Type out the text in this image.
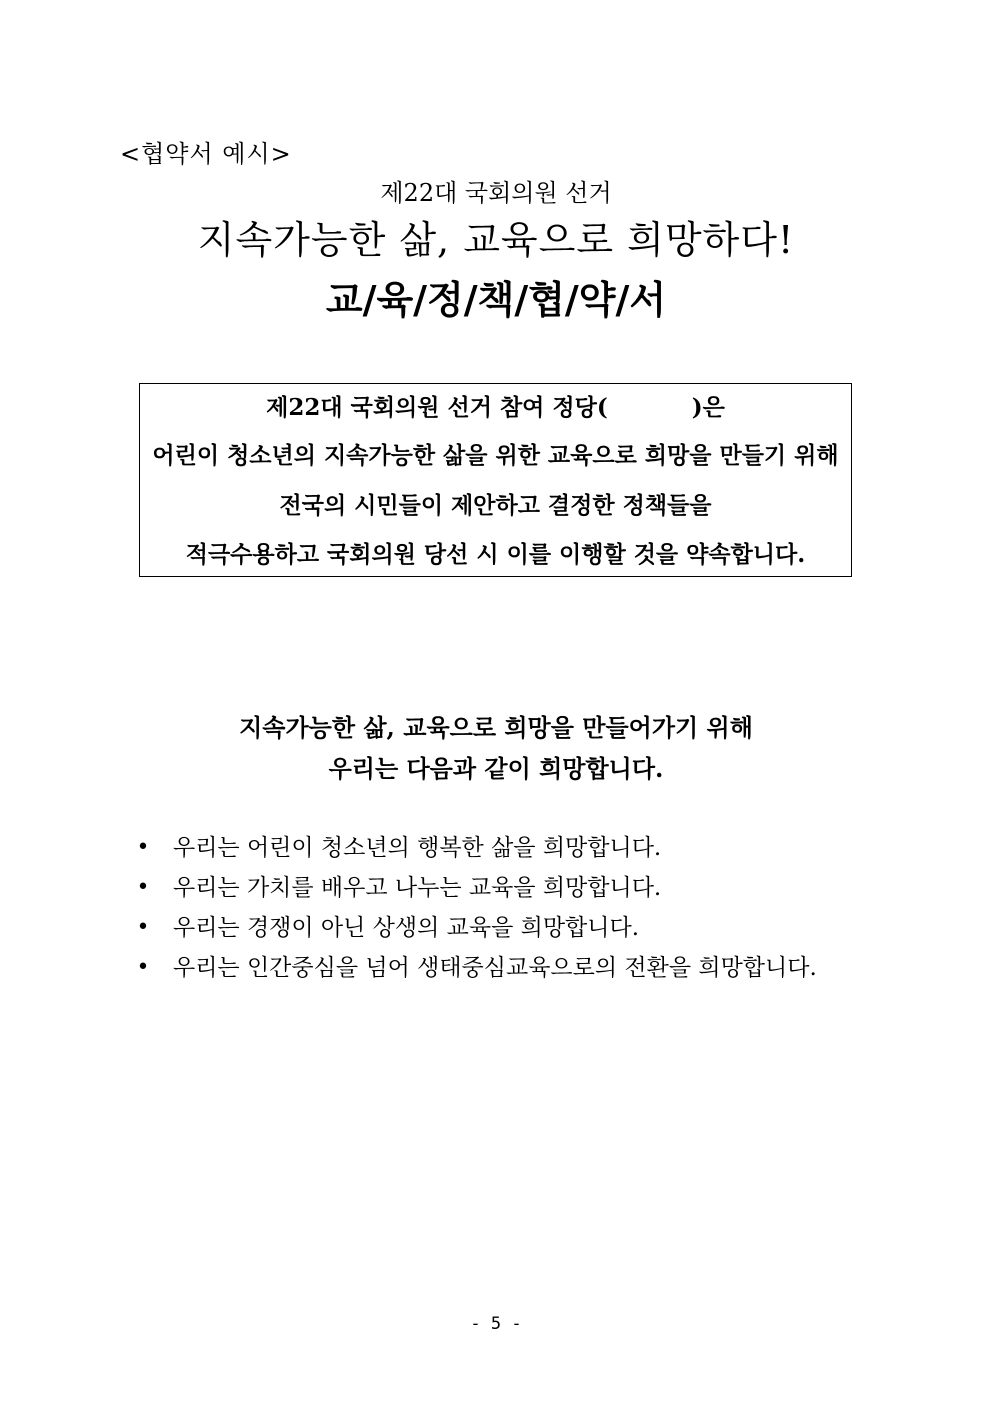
<협약서 예시>
제22대 국회의원 선거
지속가능한 삶, 교육으로 희망하다!
교/육/정/책/협/약/서
제22대 국회의원 선거 참여 정당(	)은
어린이 청소년의 지속가능한 삶을 위한 교육으로 희망을 만들기 위해
전국의 시민들이 제안하고 결정한 정책들을
적극수용하고 국회의원 당선 시 이를 이행할 것을 약속합니다.
지속가능한 삶, 교육으로 희망을 만들어가기 위해
우리는 다음과 같이 희망합니다.
• 우리는 어린이 청소년의 행복한 삶을 희망합니다.
• 우리는 가치를 배우고 나누는 교육을 희망합니다.
• 우리는 경쟁이 아닌 상생의 교육을 희망합니다.
• 우리는 인간중심을 넘어 생태중심교육으로의 전환을 희망합니다.
- 5 -
